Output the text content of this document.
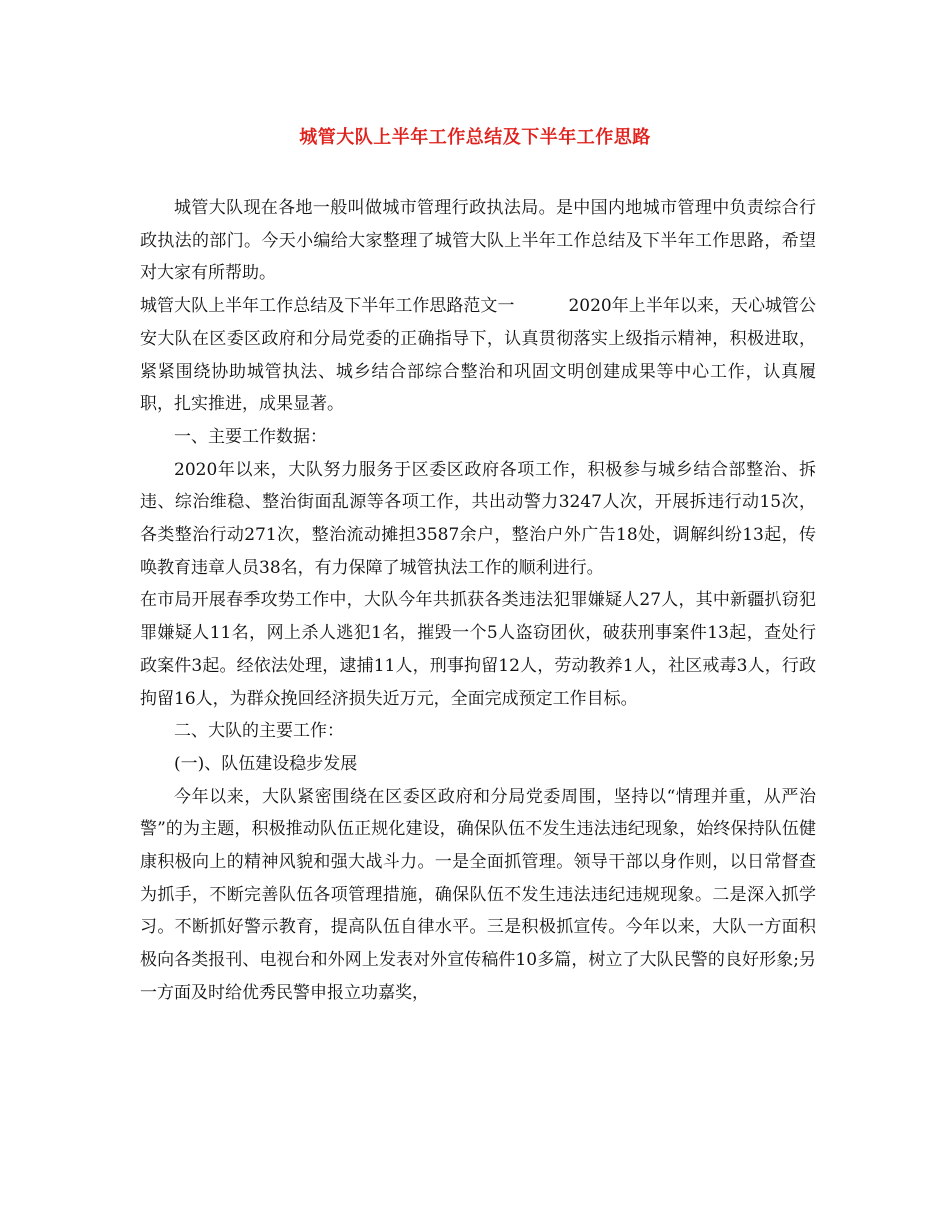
城管大队上半年工作总结及下半年工作思路

城管大队现在各地一般叫做城市管理行政执法局。是中国内地城市管理中负责综合行政执法的部门。今天小编给大家整理了城管大队上半年工作总结及下半年工作思路，希望对大家有所帮助。

城管大队上半年工作总结及下半年工作思路范文一	2020年上半年以来，天心城管公安大队在区委区政府和分局党委的正确指导下，认真贯彻落实上级指示精神，积极进取，紧紧围绕协助城管执法、城乡结合部综合整治和巩固文明创建成果等中心工作，认真履职，扎实推进，成果显著。

一、主要工作数据：

2020年以来，大队努力服务于区委区政府各项工作，积极参与城乡结合部整治、拆违、综治维稳、整治街面乱源等各项工作，共出动警力3247人次，开展拆违行动15次，各类整治行动271次，整治流动摊担3587余户，整治户外广告18处，调解纠纷13起，传唤教育违章人员38名，有力保障了城管执法工作的顺利进行。

在市局开展春季攻势工作中，大队今年共抓获各类违法犯罪嫌疑人27人，其中新疆扒窃犯罪嫌疑人11名，网上杀人逃犯1名，摧毁一个5人盗窃团伙，破获刑事案件13起，查处行政案件3起。经依法处理，逮捕11人，刑事拘留12人，劳动教养1人，社区戒毒3人，行政拘留16人，为群众挽回经济损失近万元，全面完成预定工作目标。

二、大队的主要工作：

(一)、队伍建设稳步发展

今年以来，大队紧密围绕在区委区政府和分局党委周围，坚持以“情理并重，从严治警”的为主题，积极推动队伍正规化建设，确保队伍不发生违法违纪现象，始终保持队伍健康积极向上的精神风貌和强大战斗力。一是全面抓管理。领导干部以身作则，以日常督查为抓手，不断完善队伍各项管理措施，确保队伍不发生违法违纪违规现象。二是深入抓学习。不断抓好警示教育，提高队伍自律水平。三是积极抓宣传。今年以来，大队一方面积极向各类报刊、电视台和外网上发表对外宣传稿件10多篇，树立了大队民警的良好形象;另一方面及时给优秀民警申报立功嘉奖，
